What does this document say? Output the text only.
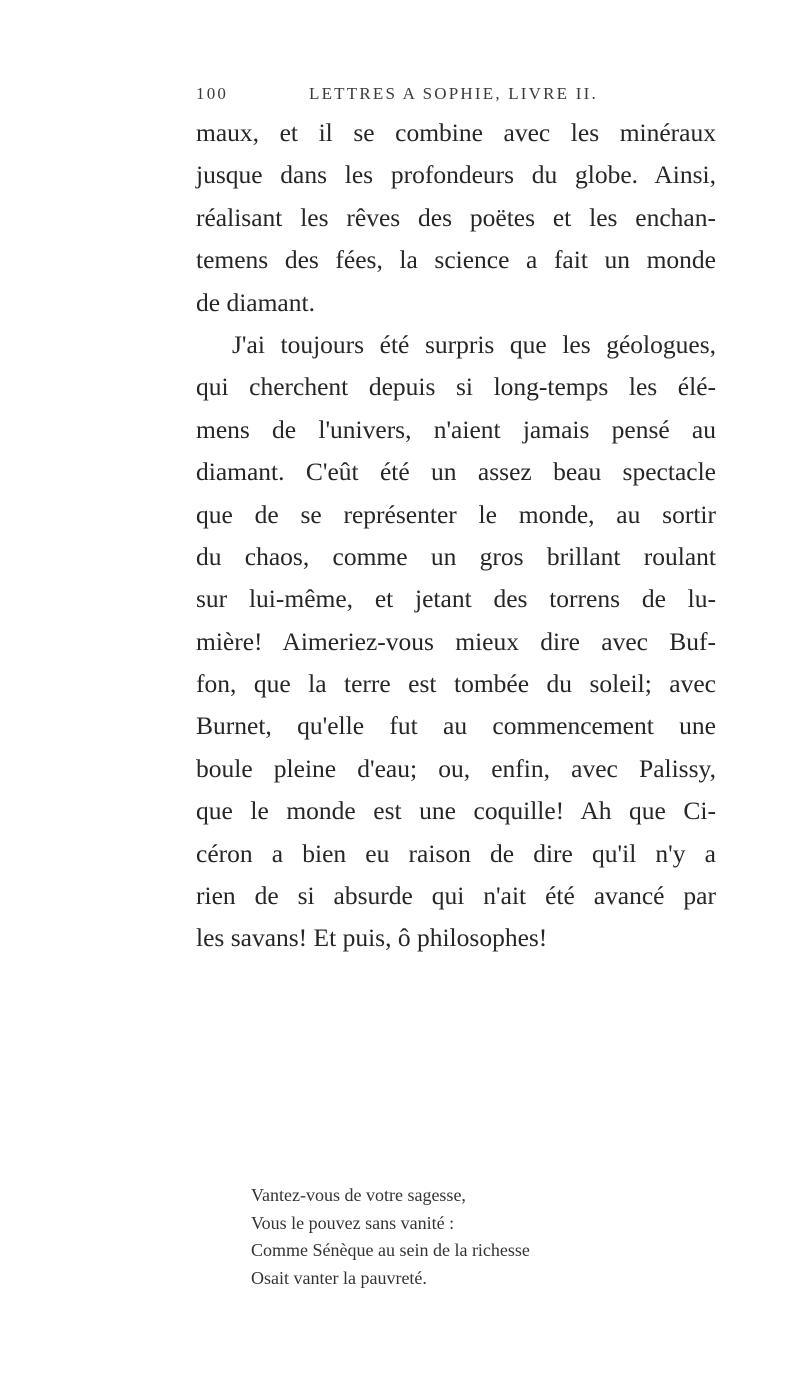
100	LETTRES A SOPHIE, LIVRE II.
maux, et il se combine avec les minéraux
jusque dans les profondeurs du globe. Ainsi,
réalisant les rêves des poëtes et les enchan-
temens des fées, la science a fait un monde
de diamant.
J'ai toujours été surpris que les géologues,
qui cherchent depuis si long-temps les élé-
mens de l'univers, n'aient jamais pensé au
diamant. C'eût été un assez beau spectacle
que de se représenter le monde, au sortir
du chaos, comme un gros brillant roulant
sur lui-même, et jetant des torrens de lu-
mière! Aimeriez-vous mieux dire avec Buf-
fon, que la terre est tombée du soleil; avec
Burnet, qu'elle fut au commencement une
boule pleine d'eau; ou, enfin, avec Palissy,
que le monde est une coquille! Ah que Ci-
céron a bien eu raison de dire qu'il n'y a
rien de si absurde qui n'ait été avancé par
les savans! Et puis, ô philosophes!
Vantez-vous de votre sagesse,
Vous le pouvez sans vanité :
Comme Sénèque au sein de la richesse
Osait vanter la pauvreté.
